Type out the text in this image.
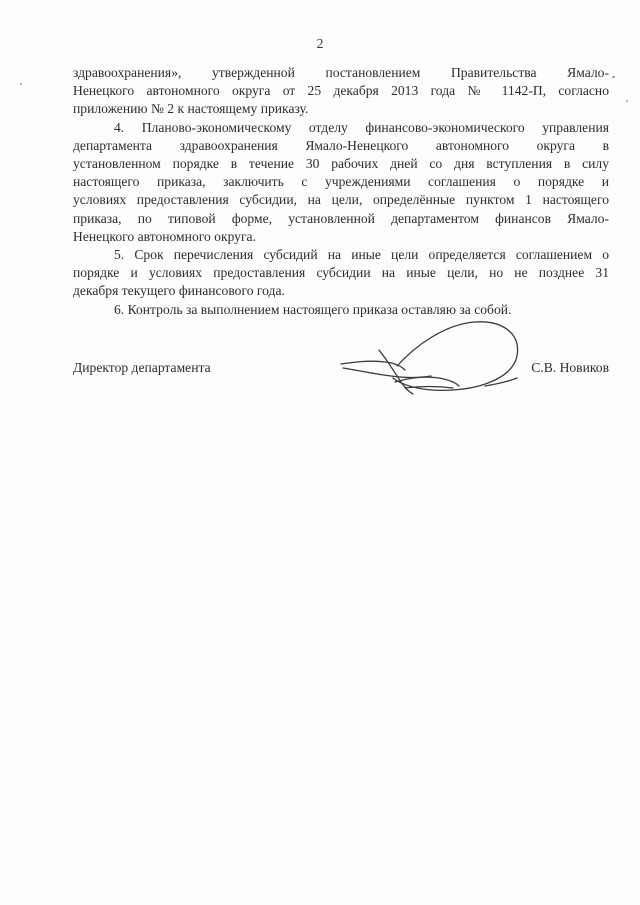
2

здравоохранения», утвержденной постановлением Правительства Ямало-
Ненецкого автономного округа от 25 декабря 2013 года № 1142-П, согласно
приложению № 2 к настоящему приказу.

4. Планово-экономическому отделу финансово-экономического управления
департамента здравоохранения Ямало-Ненецкого автономного округа в
установленном порядке в течение 30 рабочих дней со дня вступления в силу
настоящего приказа, заключить с учреждениями соглашения о порядке и
условиях предоставления субсидии, на цели, определённые пунктом 1 настоящего
приказа, по типовой форме, установленной департаментом финансов Ямало-
Ненецкого автономного округа.

5. Срок перечисления субсидий на иные цели определяется соглашением о
порядке и условиях предоставления субсидии на иные цели, но не позднее 31
декабря текущего финансового года.

6. Контроль за выполнением настоящего приказа оставляю за собой.

Директор департамента	С.В. Новиков
